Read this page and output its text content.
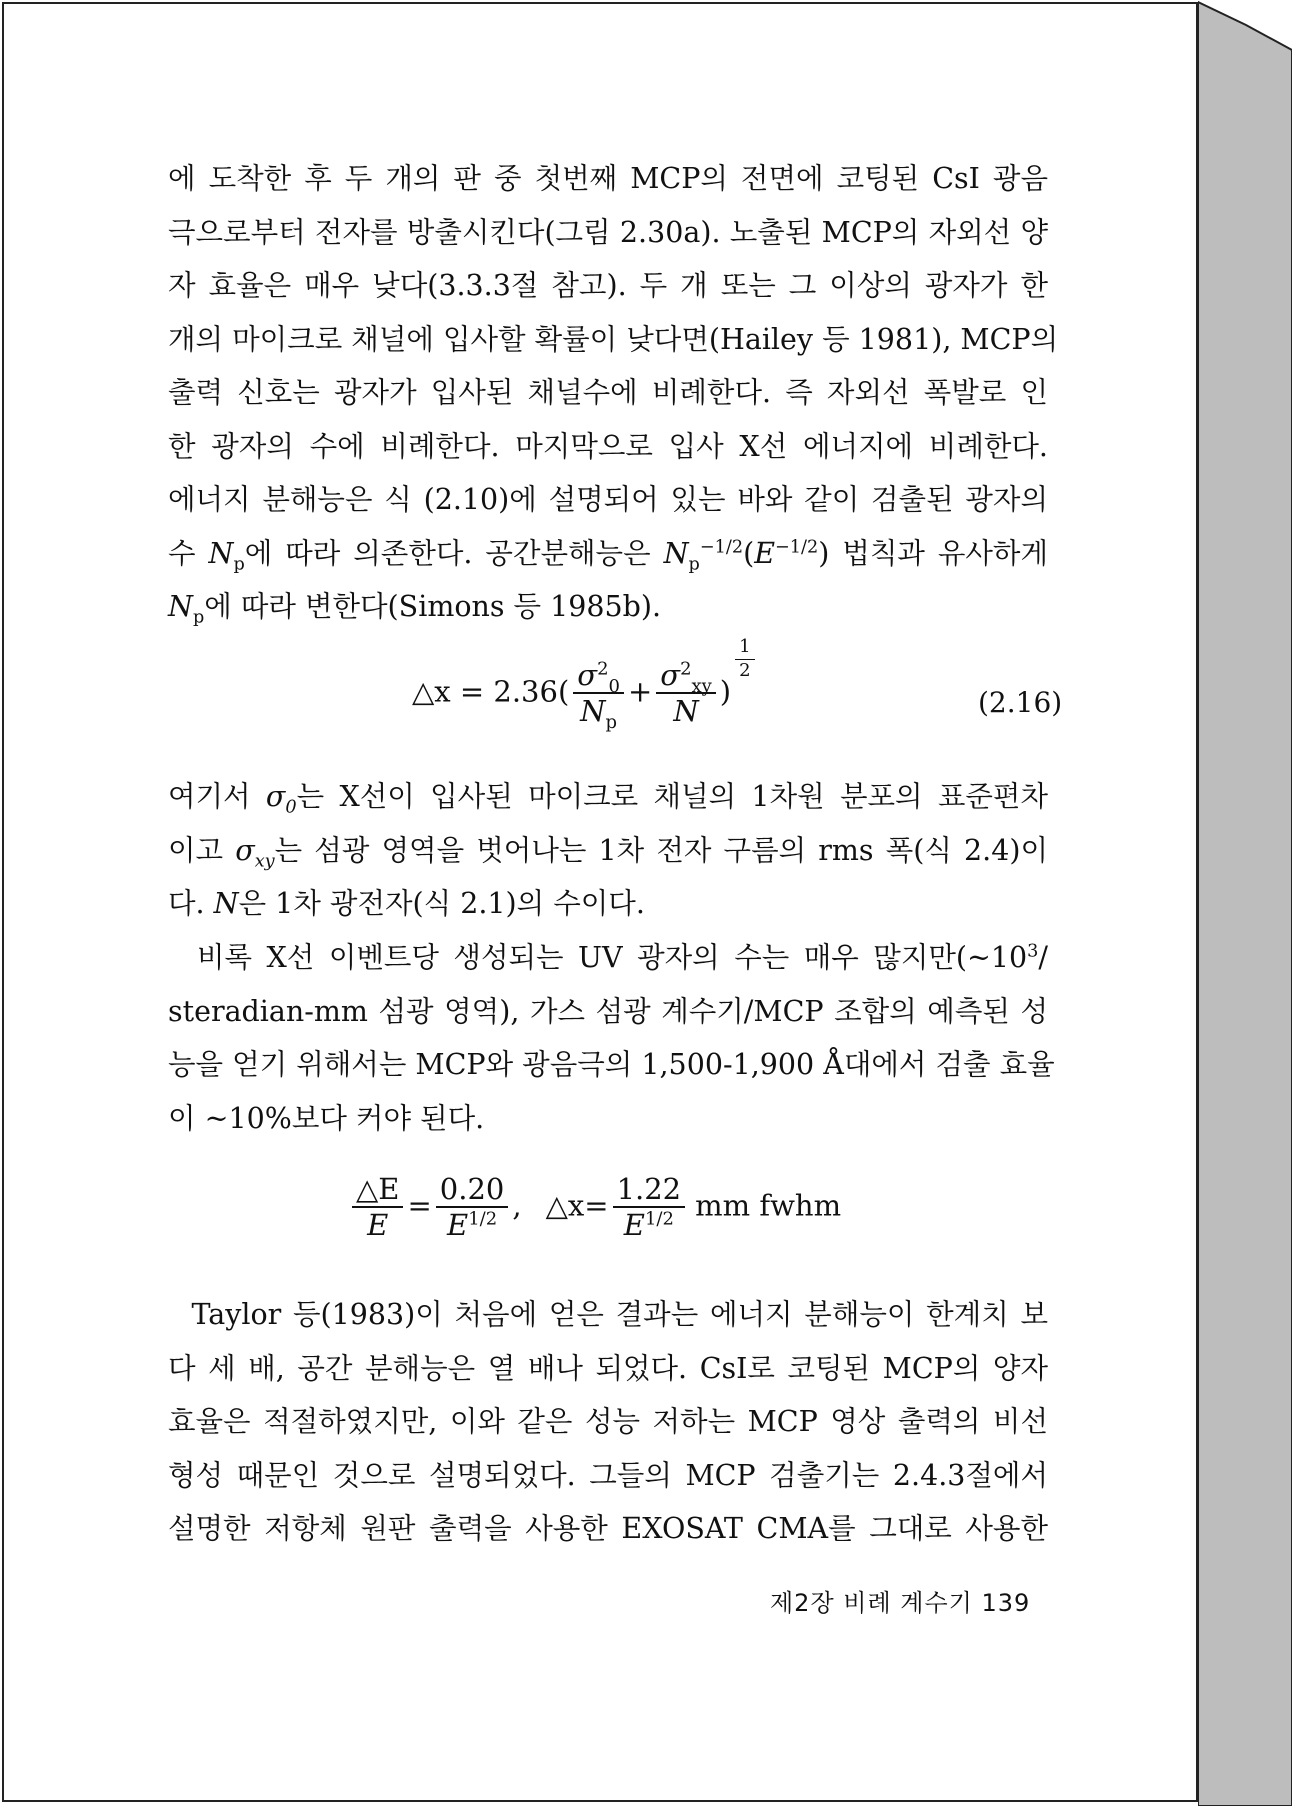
에 도착한 후 두 개의 판 중 첫번째 MCP의 전면에 코팅된 CsI 광음
극으로부터 전자를 방출시킨다(그림 2.30a). 노출된 MCP의 자외선 양
자 효율은 매우 낮다(3.3.3절 참고). 두 개 또는 그 이상의 광자가 한
개의 마이크로 채널에 입사할 확률이 낮다면(Hailey 등 1981), MCP의
출력 신호는 광자가 입사된 채널수에 비례한다. 즉 자외선 폭발로 인
한 광자의 수에 비례한다. 마지막으로 입사 X선 에너지에 비례한다.
에너지 분해능은 식 (2.10)에 설명되어 있는 바와 같이 검출된 광자의
수 $N_p$에 따라 의존한다. 공간분해능은 $N_p^{-1/2}(E^{-1/2})$ 법칙과 유사하게
$N_p$에 따라 변한다(Simons 등 1985b).
△x = $2.36( \frac{\sigma^2_0}{N_p} + \frac{\sigma^2_{xy}}{N}$ )
$\frac{1}{2}$
(2.16)
여기서 $\sigma_0$는 X선이 입사된 마이크로 채널의 1차원 분포의 표준편차
이고 $\sigma_{xy}$는 섬광 영역을 벗어나는 1차 전자 구름의 rms 폭(식 2.4)이
다. N은 1차 광전자(식 2.1)의 수이다.
비록 X선 이벤트당 생성되는 UV 광자의 수는 매우 많지만($\sim 10^3/$
steradian-mm 섬광 영역), 가스 섬광 계수기/MCP 조합의 예측된 성
능을 얻기 위해서는 MCP와 광음극의 1,500-1,900 Å대에서 검출 효율
이 ~10%보다 커야 된다.
$\frac{\triangle E}{E} = \frac{0.20}{E^{1/2}}$ , △x= $\frac{1.22}{E^{1/2}}$ mm fwhm
Taylor 등(1983)이 처음에 얻은 결과는 에너지 분해능이 한계치 보
다 세 배, 공간 분해능은 열 배나 되었다. CsI로 코팅된 MCP의 양자
효율은 적절하였지만, 이와 같은 성능 저하는 MCP 영상 출력의 비선
형성 때문인 것으로 설명되었다. 그들의 MCP 검출기는 2.4.3절에서
설명한 저항체 원판 출력을 사용한 EXOSAT CMA를 그대로 사용한
제2장 비례 계수기 139
